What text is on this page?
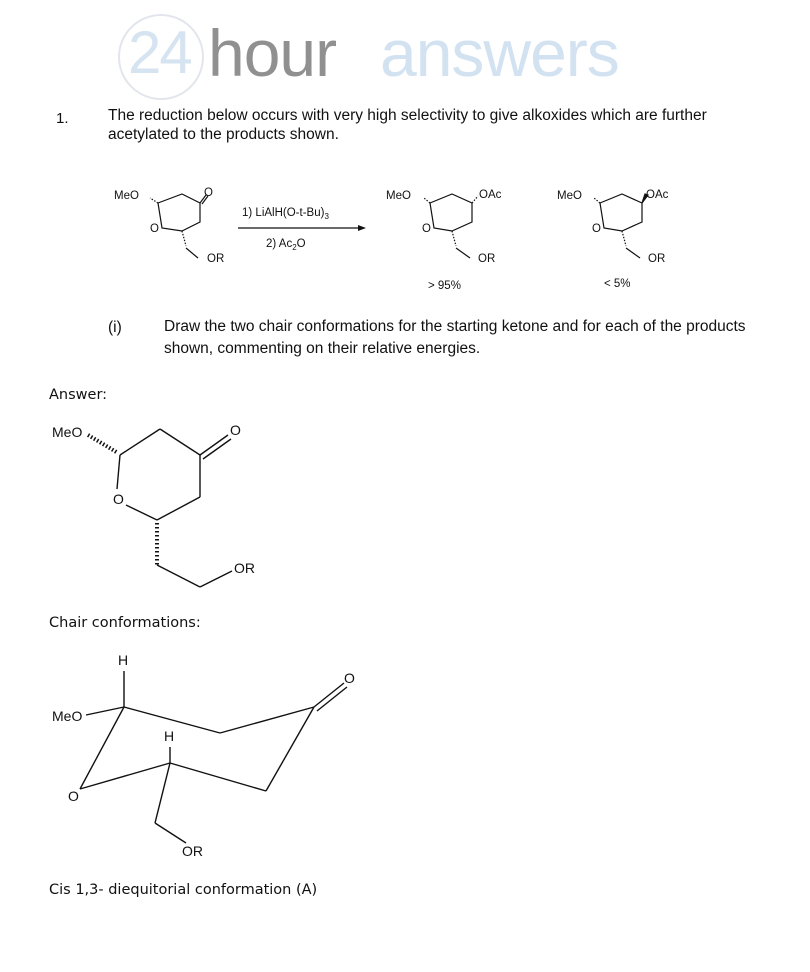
24 hour answers
1.	The reduction below occurs with very high selectivity to give alkoxides which are further acetylated to the products shown.
MeO	O
O
OR
1) $LiAlH(O-t-Bu)_3$
2) $Ac_2O$
MeO	OAc
O
OR
> 95%
MeO	OAc
O
OR
< 5%
(i)	Draw the two chair conformations for the starting ketone and for each of the products shown, commenting on their relative energies.
Answer:
MeO	O
O
OR
Chair conformations:
H
MeO
H
O
O
OR
Cis 1,3- diequitorial conformation (A)
